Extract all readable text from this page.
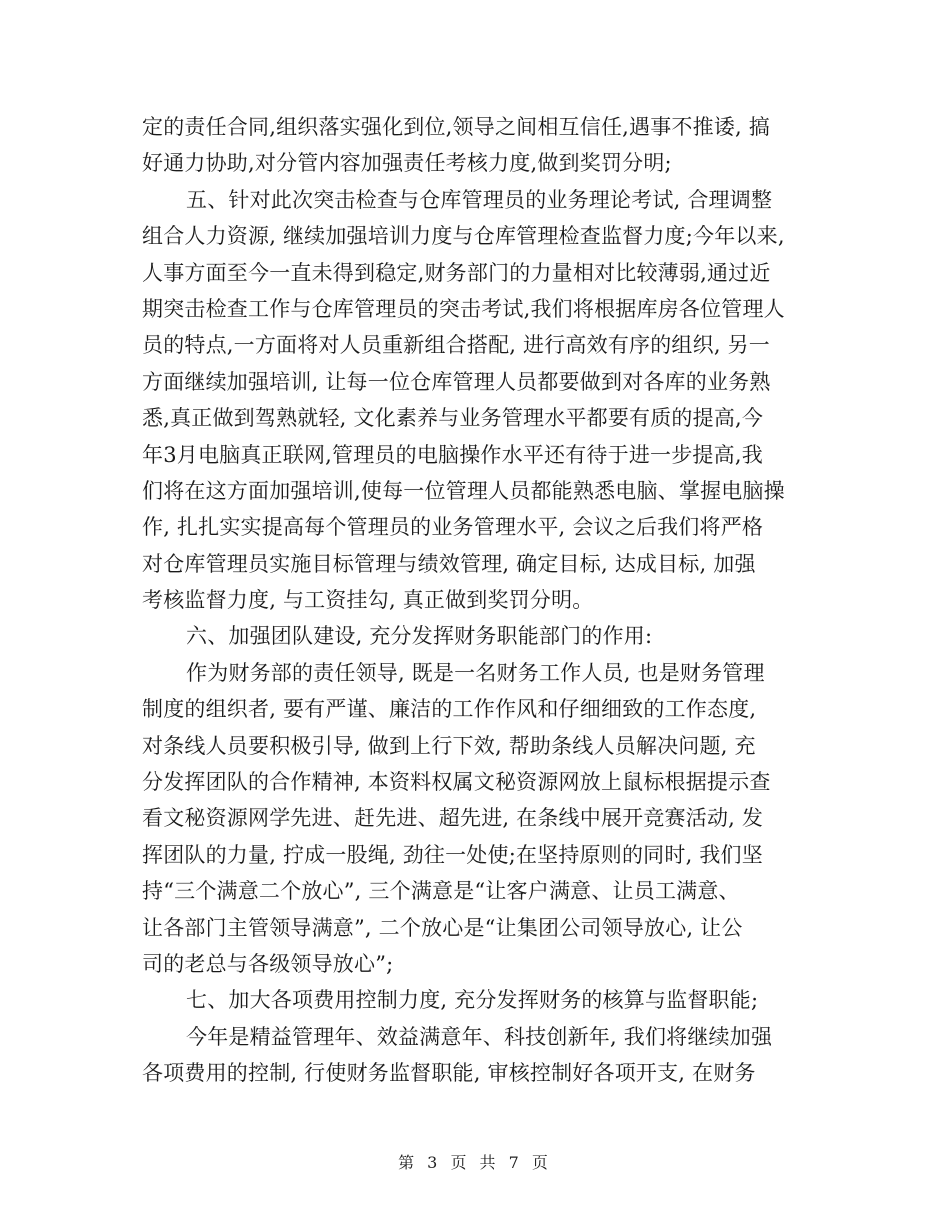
定的责任合同,组织落实强化到位,领导之间相互信任,遇事不推诿, 搞
好通力协助,对分管内容加强责任考核力度,做到奖罚分明;
五、针对此次突击检查与仓库管理员的业务理论考试, 合理调整
组合人力资源, 继续加强培训力度与仓库管理检查监督力度;今年以来,
人事方面至今一直未得到稳定,财务部门的力量相对比较薄弱,通过近
期突击检查工作与仓库管理员的突击考试,我们将根据库房各位管理人
员的特点,一方面将对人员重新组合搭配, 进行高效有序的组织, 另一
方面继续加强培训, 让每一位仓库管理人员都要做到对各库的业务熟
悉,真正做到驾熟就轻, 文化素养与业务管理水平都要有质的提高,今
年3月电脑真正联网,管理员的电脑操作水平还有待于进一步提高,我
们将在这方面加强培训,使每一位管理人员都能熟悉电脑、掌握电脑操
作, 扎扎实实提高每个管理员的业务管理水平, 会议之后我们将严格
对仓库管理员实施目标管理与绩效管理, 确定目标, 达成目标, 加强
考核监督力度, 与工资挂勾, 真正做到奖罚分明。
六、加强团队建设, 充分发挥财务职能部门的作用:
作为财务部的责任领导, 既是一名财务工作人员, 也是财务管理
制度的组织者, 要有严谨、廉洁的工作作风和仔细细致的工作态度,
对条线人员要积极引导, 做到上行下效, 帮助条线人员解决问题, 充
分发挥团队的合作精神, 本资料权属文秘资源网放上鼠标根据提示查
看文秘资源网学先进、赶先进、超先进, 在条线中展开竞赛活动, 发
挥团队的力量, 拧成一股绳, 劲往一处使;在坚持原则的同时, 我们坚
持“三个满意二个放心”, 三个满意是“让客户满意、让员工满意、
让各部门主管领导满意”, 二个放心是“让集团公司领导放心, 让公
司的老总与各级领导放心”;
七、加大各项费用控制力度, 充分发挥财务的核算与监督职能;
今年是精益管理年、效益满意年、科技创新年, 我们将继续加强
各项费用的控制, 行使财务监督职能, 审核控制好各项开支, 在财务
第 3 页 共 7 页
